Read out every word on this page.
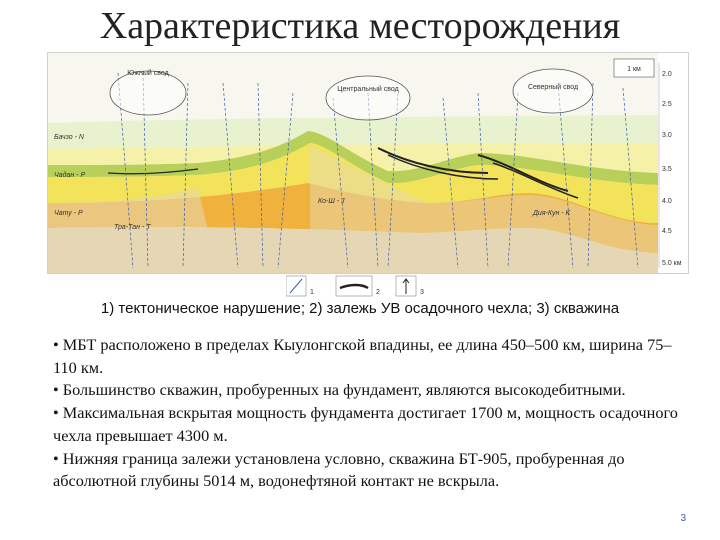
Характеристика месторождения
Южный свод
Центральный свод	Северный свод
1 км
Бачзо - N
Чадан - P
Чату - P
Тра-Тан - T
Ко-Ш - J
Дия-Кун - K
2.0
2.5
3.0
3.5
4.0
4.5
5.0 км
1	2	3
1) тектоническое нарушение; 2) залежь УВ осадочного чехла; 3) скважина

• МБТ расположено в пределах Кыулонгской впадины, ее длина 450–500 км, ширина 75–110 км.

• Большинство скважин, пробуренных на фундамент, являются высокодебитными.

• Максимальная вскрытая мощность фундамента достигает 1700 м, мощность осадочного чехла превышает 4300 м.

• Нижняя граница залежи установлена условно, скважина БТ-905, пробуренная до абсолютной глубины 5014 м, водонефтяной контакт не вскрыла.

3
